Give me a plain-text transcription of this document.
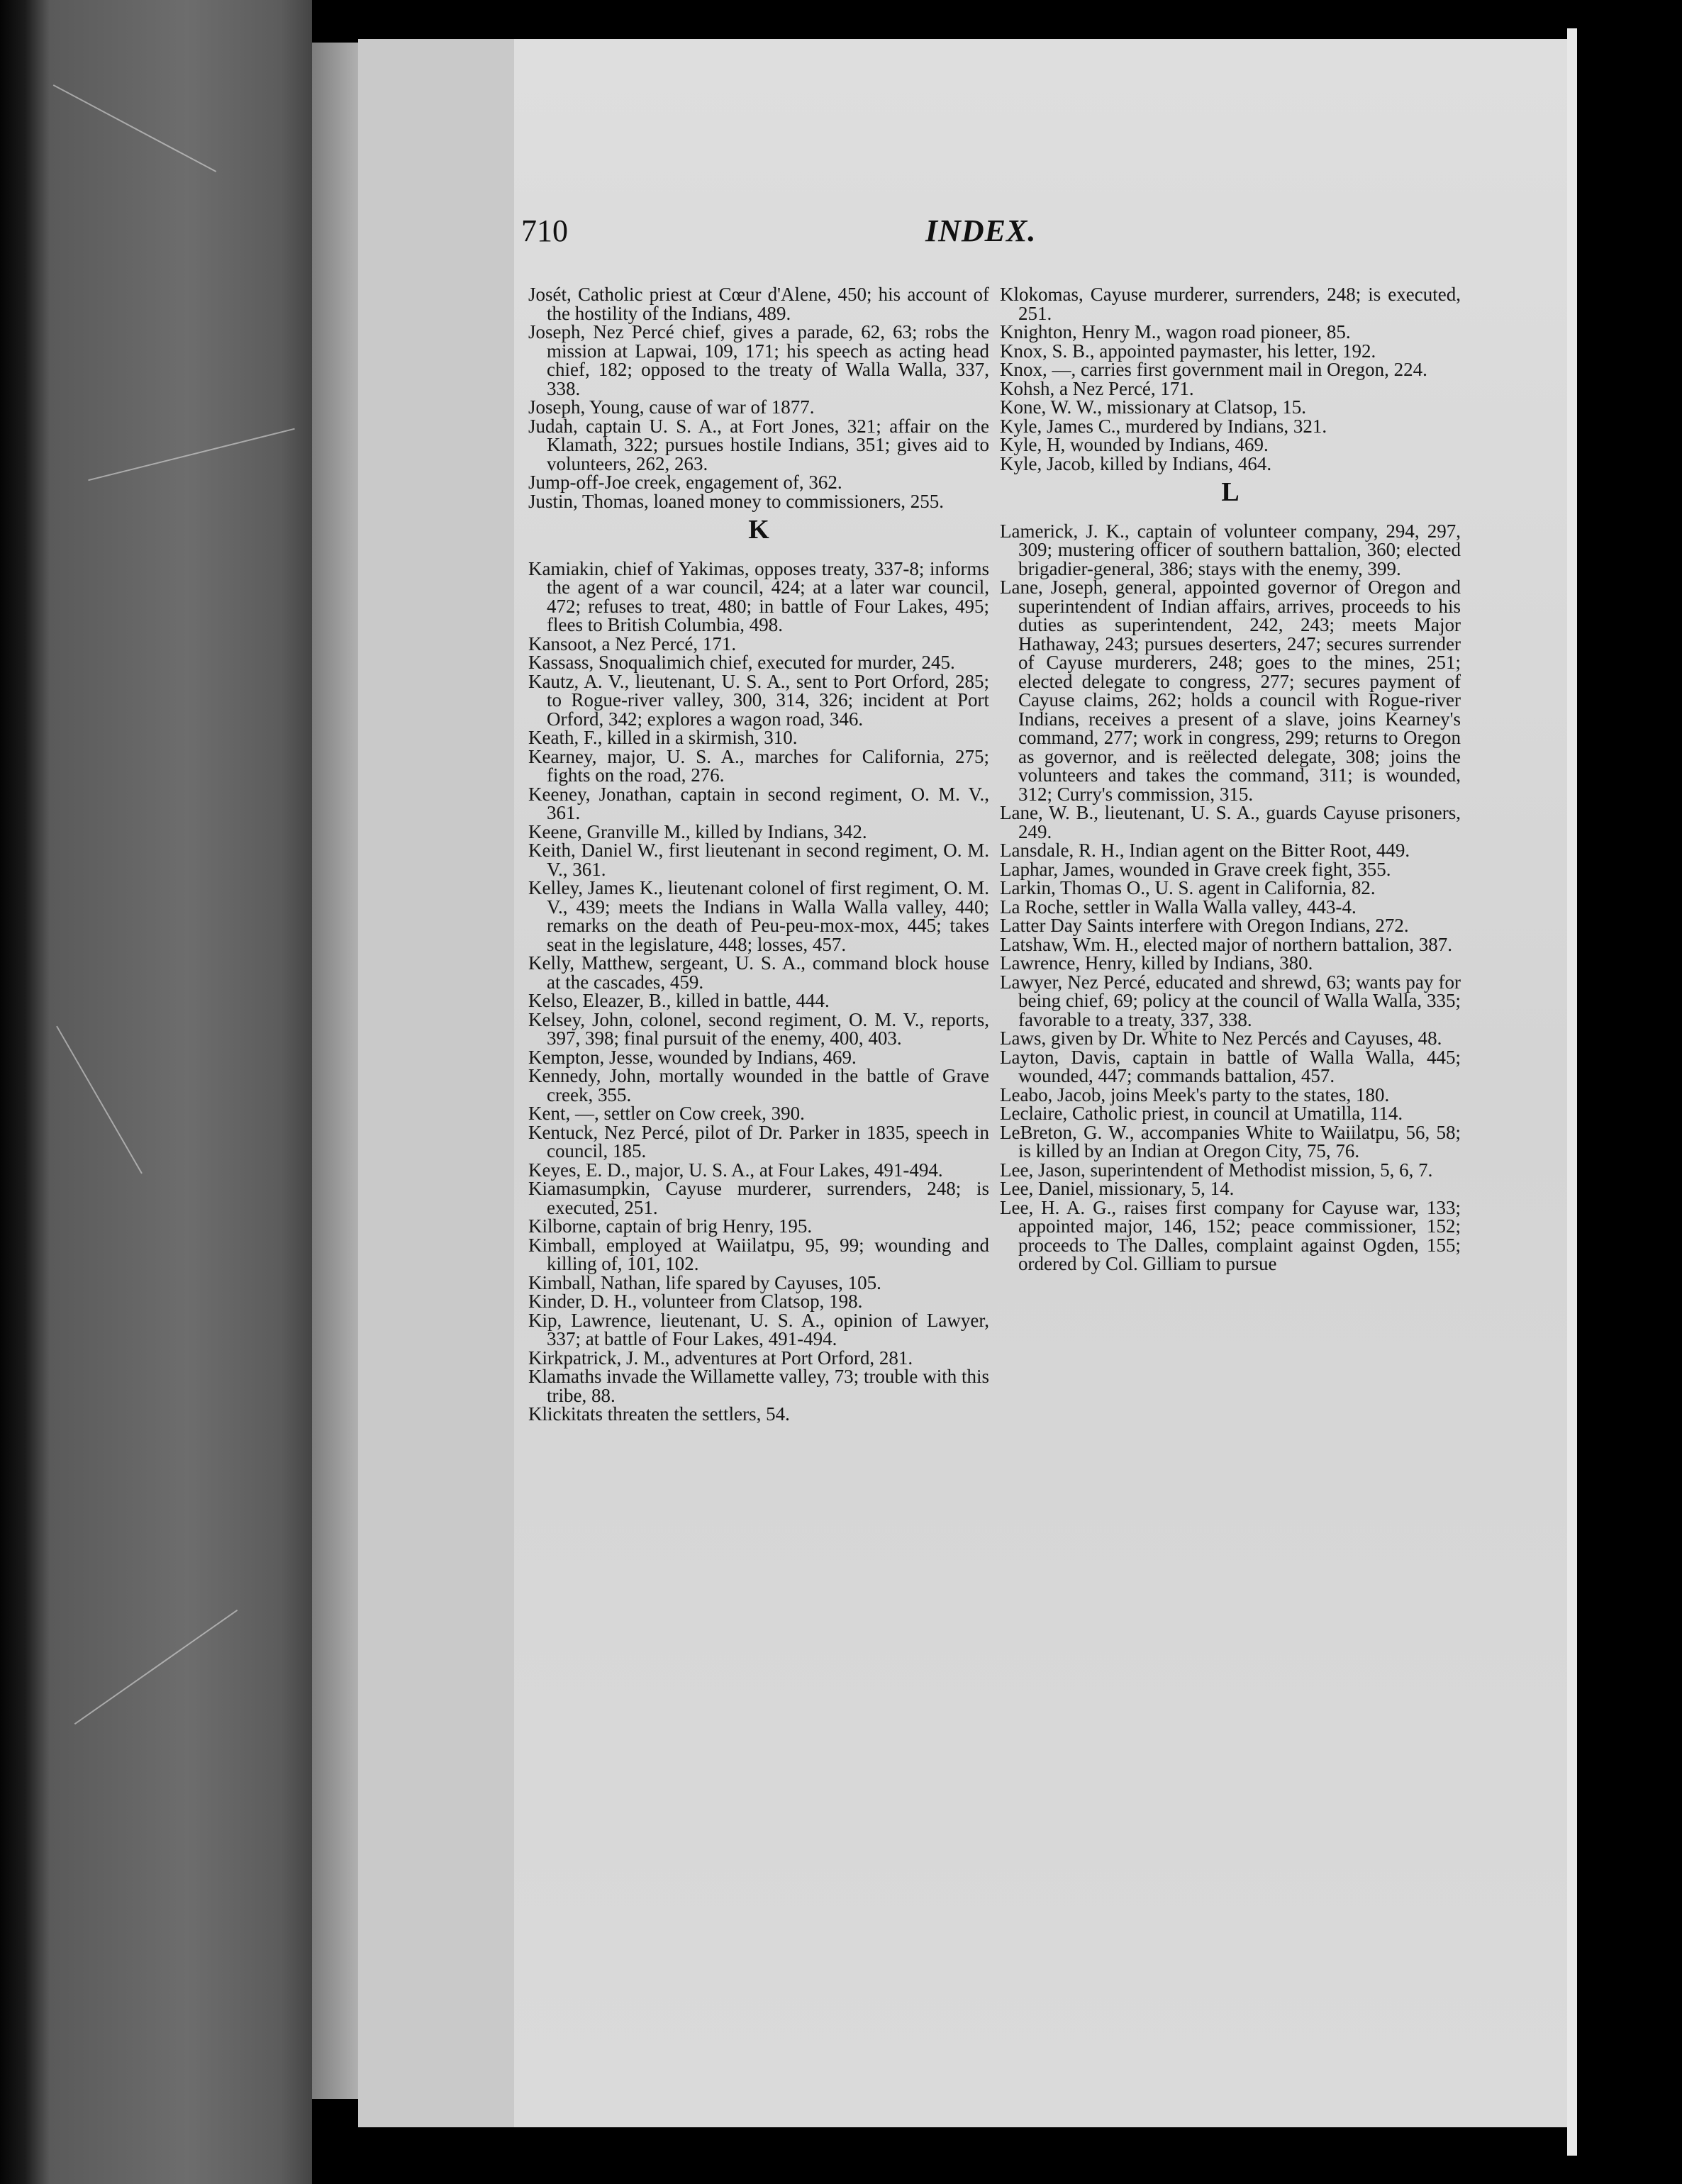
710	INDEX.

Josét, Catholic priest at Cœur d'Alene, 450; his account of the hostility of the Indians, 489.

Joseph, Nez Percé chief, gives a parade, 62, 63; robs the mission at Lapwai, 109, 171; his speech as acting head chief, 182; opposed to the treaty of Walla Walla, 337, 338.

Joseph, Young, cause of war of 1877.

Judah, captain U. S. A., at Fort Jones, 321; affair on the Klamath, 322; pursues hostile Indians, 351; gives aid to volunteers, 262, 263.

Jump-off-Joe creek, engagement of, 362.

Justin, Thomas, loaned money to commissioners, 255.

K

Kamiakin, chief of Yakimas, opposes treaty, 337-8; informs the agent of a war council, 424; at a later war council, 472; refuses to treat, 480; in battle of Four Lakes, 495; flees to British Columbia, 498.

Kansoot, a Nez Percé, 171.

Kassass, Snoqualimich chief, executed for murder, 245.

Kautz, A. V., lieutenant, U. S. A., sent to Port Orford, 285; to Rogue-river valley, 300, 314, 326; incident at Port Orford, 342; explores a wagon road, 346.

Keath, F., killed in a skirmish, 310.

Kearney, major, U. S. A., marches for California, 275; fights on the road, 276.

Keeney, Jonathan, captain in second regiment, O. M. V., 361.

Keene, Granville M., killed by Indians, 342.

Keith, Daniel W., first lieutenant in second regiment, O. M. V., 361.

Kelley, James K., lieutenant colonel of first regiment, O. M. V., 439; meets the Indians in Walla Walla valley, 440; remarks on the death of Peu-peu-mox-mox, 445; takes seat in the legislature, 448; losses, 457.

Kelly, Matthew, sergeant, U. S. A., command block house at the cascades, 459.

Kelso, Eleazer, B., killed in battle, 444.

Kelsey, John, colonel, second regiment, O. M. V., reports, 397, 398; final pursuit of the enemy, 400, 403.

Kempton, Jesse, wounded by Indians, 469.

Kennedy, John, mortally wounded in the battle of Grave creek, 355.

Kent, —, settler on Cow creek, 390.

Kentuck, Nez Percé, pilot of Dr. Parker in 1835, speech in council, 185.

Keyes, E. D., major, U. S. A., at Four Lakes, 491-494.

Kiamasumpkin, Cayuse murderer, surrenders, 248; is executed, 251.

Kilborne, captain of brig Henry, 195.

Kimball, employed at Waiilatpu, 95, 99; wounding and killing of, 101, 102.

Kimball, Nathan, life spared by Cayuses, 105.

Kinder, D. H., volunteer from Clatsop, 198.

Kip, Lawrence, lieutenant, U. S. A., opinion of Lawyer, 337; at battle of Four Lakes, 491-494.

Kirkpatrick, J. M., adventures at Port Orford, 281.

Klamaths invade the Willamette valley, 73; trouble with this tribe, 88.

Klickitats threaten the settlers, 54.

Klokomas, Cayuse murderer, surrenders, 248; is executed, 251.

Knighton, Henry M., wagon road pioneer, 85.

Knox, S. B., appointed paymaster, his letter, 192.

Knox, —, carries first government mail in Oregon, 224.

Kohsh, a Nez Percé, 171.

Kone, W. W., missionary at Clatsop, 15.

Kyle, James C., murdered by Indians, 321.

Kyle, H, wounded by Indians, 469.

Kyle, Jacob, killed by Indians, 464.

L

Lamerick, J. K., captain of volunteer company, 294, 297, 309; mustering officer of southern battalion, 360; elected brigadier-general, 386; stays with the enemy, 399.

Lane, Joseph, general, appointed governor of Oregon and superintendent of Indian affairs, arrives, proceeds to his duties as superintendent, 242, 243; meets Major Hathaway, 243; pursues deserters, 247; secures surrender of Cayuse murderers, 248; goes to the mines, 251; elected delegate to congress, 277; secures payment of Cayuse claims, 262; holds a council with Rogue-river Indians, receives a present of a slave, joins Kearney's command, 277; work in congress, 299; returns to Oregon as governor, and is reëlected delegate, 308; joins the volunteers and takes the command, 311; is wounded, 312; Curry's commission, 315.

Lane, W. B., lieutenant, U. S. A., guards Cayuse prisoners, 249.

Lansdale, R. H., Indian agent on the Bitter Root, 449.

Laphar, James, wounded in Grave creek fight, 355.

Larkin, Thomas O., U. S. agent in California, 82.

La Roche, settler in Walla Walla valley, 443-4.

Latter Day Saints interfere with Oregon Indians, 272.

Latshaw, Wm. H., elected major of northern battalion, 387.

Lawrence, Henry, killed by Indians, 380.

Lawyer, Nez Percé, educated and shrewd, 63; wants pay for being chief, 69; policy at the council of Walla Walla, 335; favorable to a treaty, 337, 338.

Laws, given by Dr. White to Nez Percés and Cayuses, 48.

Layton, Davis, captain in battle of Walla Walla, 445; wounded, 447; commands battalion, 457.

Leabo, Jacob, joins Meek's party to the states, 180.

Leclaire, Catholic priest, in council at Umatilla, 114.

LeBreton, G. W., accompanies White to Waiilatpu, 56, 58; is killed by an Indian at Oregon City, 75, 76.

Lee, Jason, superintendent of Methodist mission, 5, 6, 7.

Lee, Daniel, missionary, 5, 14.

Lee, H. A. G., raises first company for Cayuse war, 133; appointed major, 146, 152; peace commissioner, 152; proceeds to The Dalles, complaint against Ogden, 155; ordered by Col. Gilliam to pursue
